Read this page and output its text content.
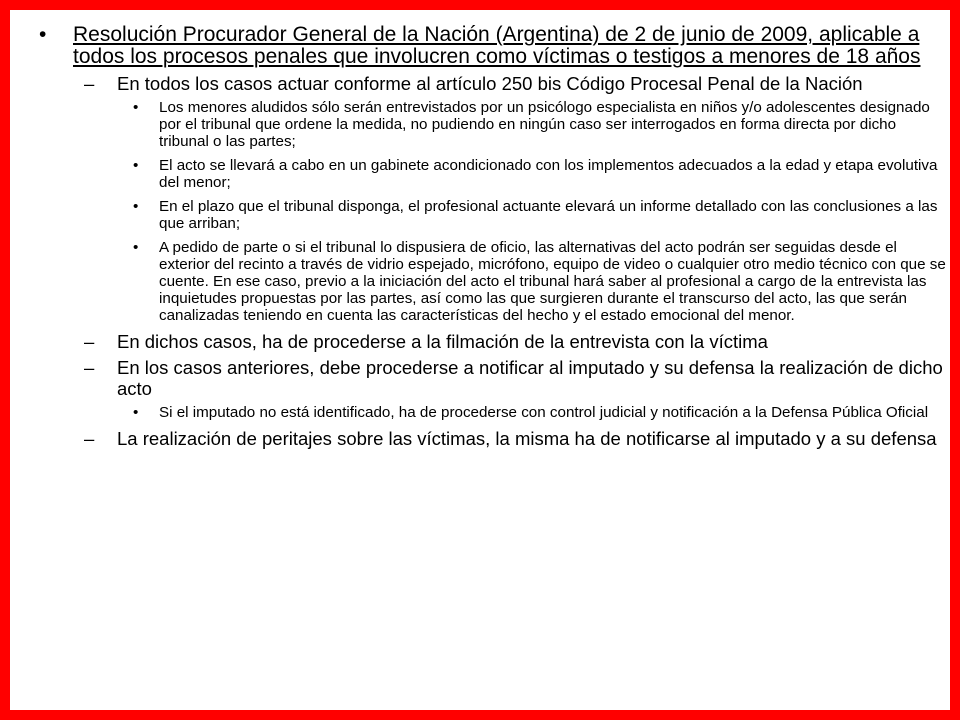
• Resolución Procurador General de la Nación (Argentina) de 2 de junio de 2009, aplicable a todos los procesos penales que involucren como víctimas o testigos a menores de 18 años
– En todos los casos actuar conforme al artículo 250 bis Código Procesal Penal de la Nación
• Los menores aludidos sólo serán entrevistados por un psicólogo especialista en niños y/o adolescentes designado por el tribunal que ordene la medida, no pudiendo en ningún caso ser interrogados en forma directa por dicho tribunal o las partes;
• El acto se llevará a cabo en un gabinete acondicionado con los implementos adecuados a la edad y etapa evolutiva del menor;
• En el plazo que el tribunal disponga, el profesional actuante elevará un informe detallado con las conclusiones a las que arriban;
• A pedido de parte o si el tribunal lo dispusiera de oficio, las alternativas del acto podrán ser seguidas desde el exterior del recinto a través de vidrio espejado, micrófono, equipo de video o cualquier otro medio técnico con que se cuente. En ese caso, previo a la iniciación del acto el tribunal hará saber al profesional a cargo de la entrevista las inquietudes propuestas por las partes, así como las que surgieren durante el transcurso del acto, las que serán canalizadas teniendo en cuenta las características del hecho y el estado emocional del menor.
– En dichos casos, ha de procederse a la filmación de la entrevista con la víctima
– En los casos anteriores, debe procederse a notificar al imputado y su defensa la realización de dicho acto
• Si el imputado no está identificado, ha de procederse con control judicial y notificación a la Defensa Pública Oficial
– La realización de peritajes sobre las víctimas, la misma ha de notificarse al imputado y a su defensa
